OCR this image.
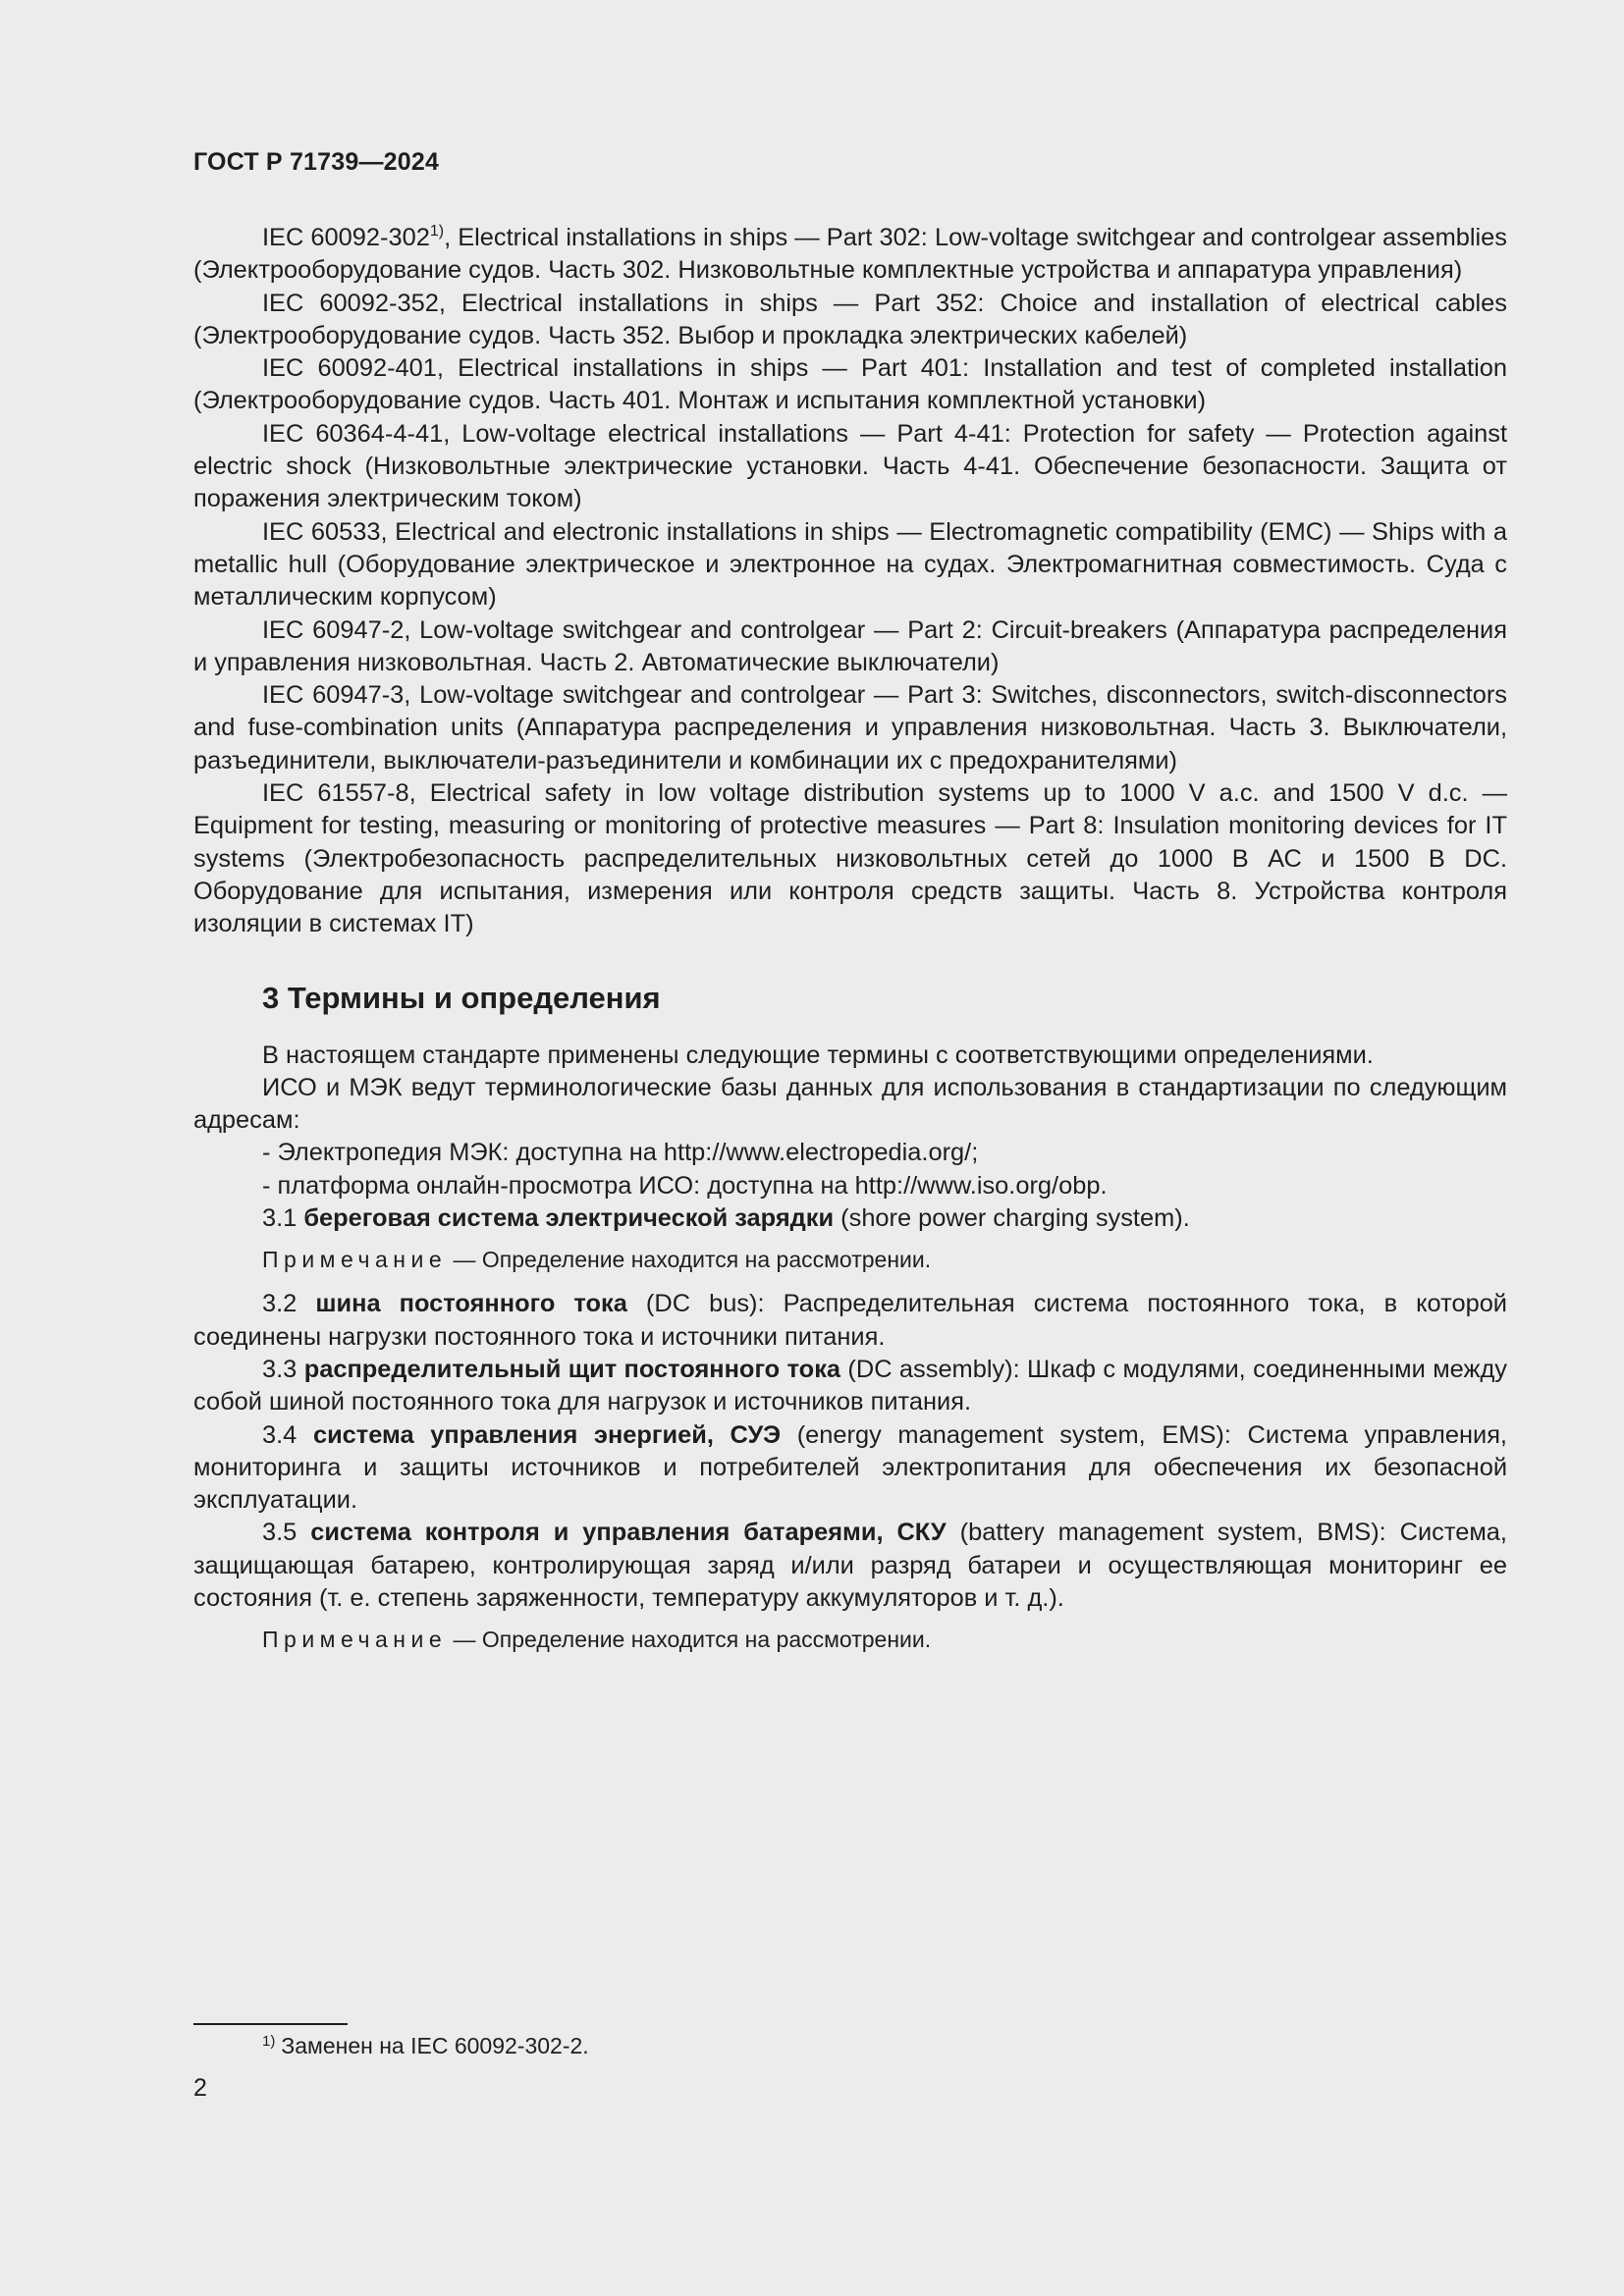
ГОСТ Р 71739—2024

IEC 60092-302$^{1)}$, Electrical installations in ships — Part 302: Low-voltage switchgear and controlgear assemblies (Электрооборудование судов. Часть 302. Низковольтные комплектные устройства и аппаратура управления)

IEC 60092-352, Electrical installations in ships — Part 352: Choice and installation of electrical cables (Электрооборудование судов. Часть 352. Выбор и прокладка электрических кабелей)

IEC 60092-401, Electrical installations in ships — Part 401: Installation and test of completed installation (Электрооборудование судов. Часть 401. Монтаж и испытания комплектной установки)

IEC 60364-4-41, Low-voltage electrical installations — Part 4-41: Protection for safety — Protection against electric shock (Низковольтные электрические установки. Часть 4-41. Обеспечение безопасности. Защита от поражения электрическим током)

IEC 60533, Electrical and electronic installations in ships — Electromagnetic compatibility (EMC) — Ships with a metallic hull (Оборудование электрическое и электронное на судах. Электромагнитная совместимость. Суда с металлическим корпусом)

IEC 60947-2, Low-voltage switchgear and controlgear — Part 2: Circuit-breakers (Аппаратура распределения и управления низковольтная. Часть 2. Автоматические выключатели)

IEC 60947-3, Low-voltage switchgear and controlgear — Part 3: Switches, disconnectors, switch-disconnectors and fuse-combination units (Аппаратура распределения и управления низковольтная. Часть 3. Выключатели, разъединители, выключатели-разъединители и комбинации их с предохранителями)

IEC 61557-8, Electrical safety in low voltage distribution systems up to 1000 V a.c. and 1500 V d.c. — Equipment for testing, measuring or monitoring of protective measures — Part 8: Insulation monitoring devices for IT systems (Электробезопасность распределительных низковольтных сетей до 1000 В АС и 1500 В DC. Оборудование для испытания, измерения или контроля средств защиты. Часть 8. Устройства контроля изоляции в системах IT)

3 Термины и определения

В настоящем стандарте применены следующие термины с соответствующими определениями.

ИСО и МЭК ведут терминологические базы данных для использования в стандартизации по следующим адресам:

- Электропедия МЭК: доступна на http://www.electropedia.org/;

- платформа онлайн-просмотра ИСО: доступна на http://www.iso.org/obp.

3.1 береговая система электрической зарядки (shore power charging system).

Примечание — Определение находится на рассмотрении.

3.2 шина постоянного тока (DC bus): Распределительная система постоянного тока, в которой соединены нагрузки постоянного тока и источники питания.

3.3 распределительный щит постоянного тока (DC assembly): Шкаф с модулями, соединенными между собой шиной постоянного тока для нагрузок и источников питания.

3.4 система управления энергией, СУЭ (energy management system, EMS): Система управления, мониторинга и защиты источников и потребителей электропитания для обеспечения их безопасной эксплуатации.

3.5 система контроля и управления батареями, СКУ (battery management system, BMS): Система, защищающая батарею, контролирующая заряд и/или разряд батареи и осуществляющая мониторинг ее состояния (т. е. степень заряженности, температуру аккумуляторов и т. д.).

Примечание — Определение находится на рассмотрении.

$^{1)}$ Заменен на IEC 60092-302-2.
2
